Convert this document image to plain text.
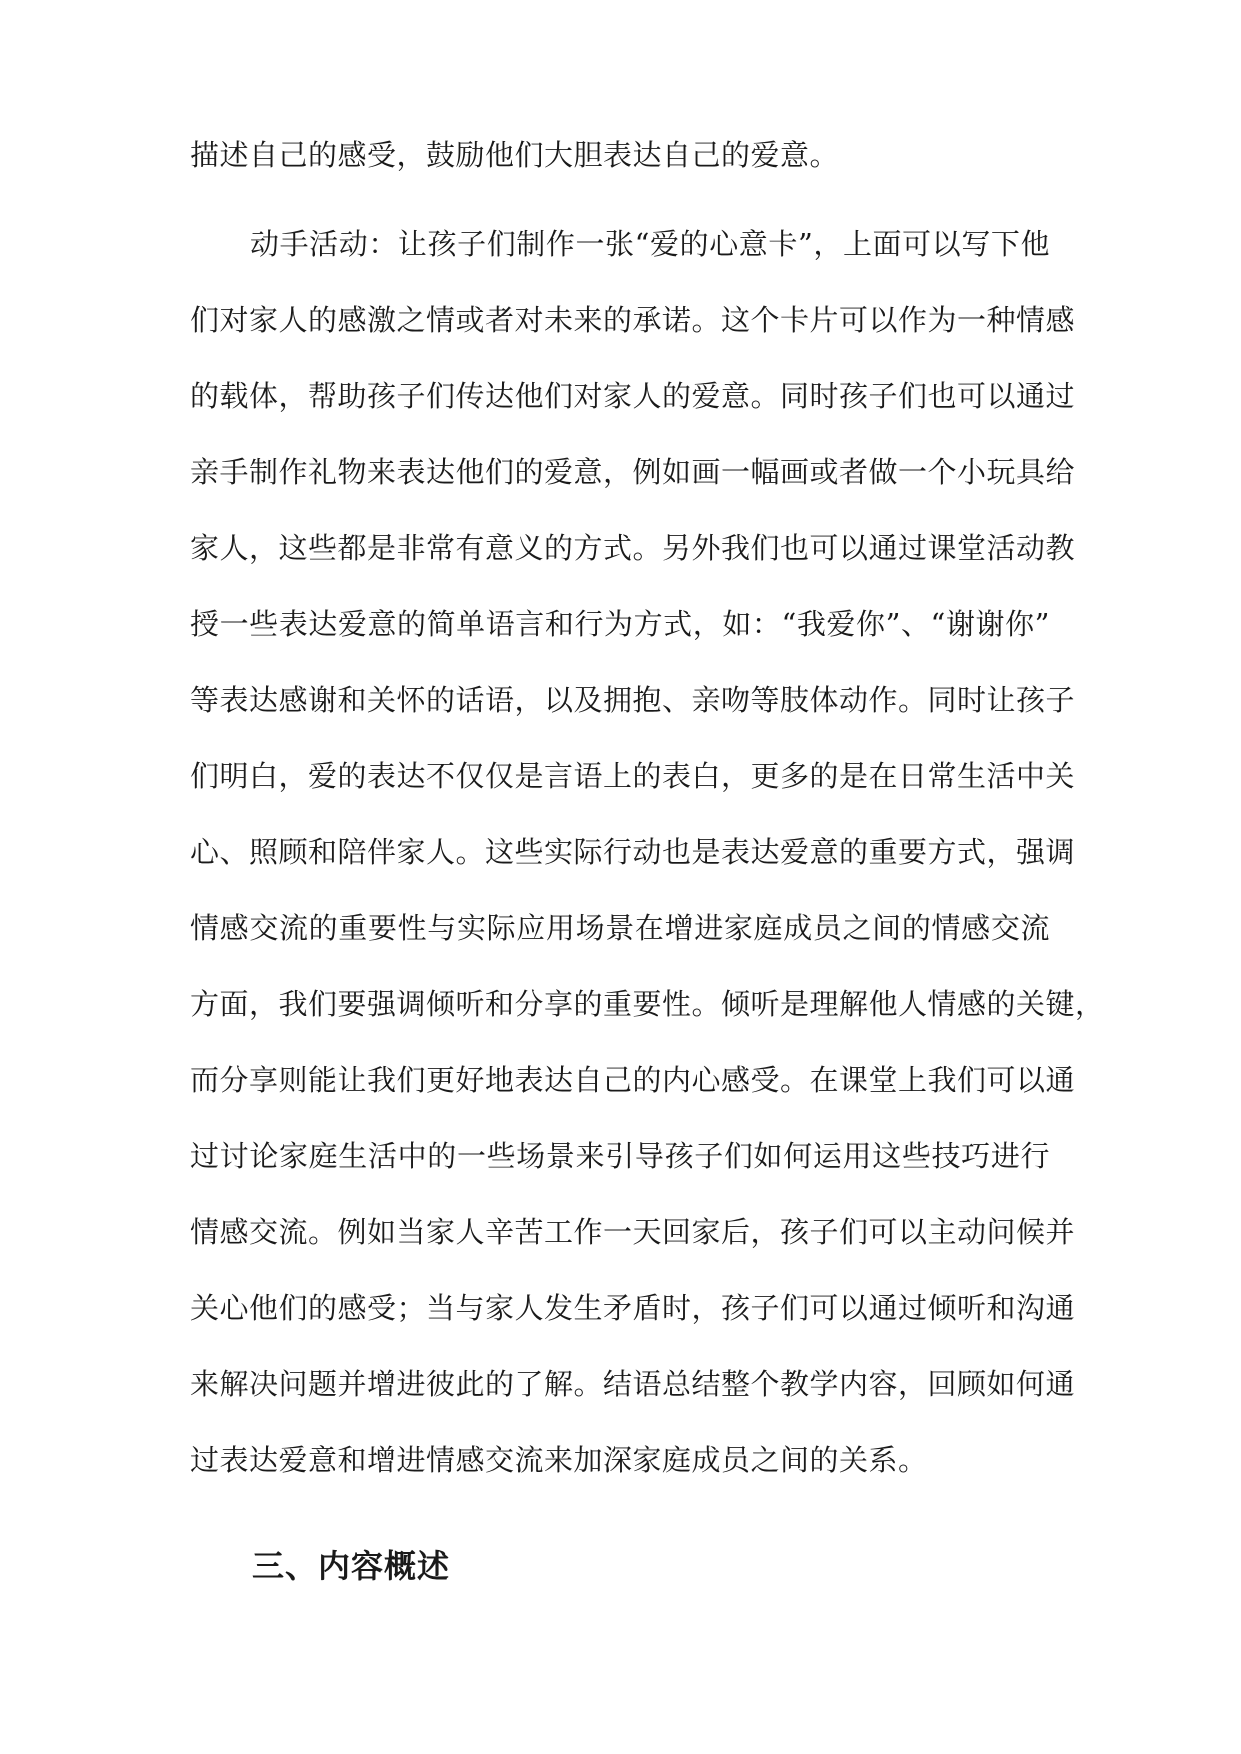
描述自己的感受，鼓励他们大胆表达自己的爱意。
动手活动：让孩子们制作一张“爱的心意卡”，上面可以写下他
们对家人的感激之情或者对未来的承诺。这个卡片可以作为一种情感
的载体，帮助孩子们传达他们对家人的爱意。同时孩子们也可以通过
亲手制作礼物来表达他们的爱意，例如画一幅画或者做一个小玩具给
家人，这些都是非常有意义的方式。另外我们也可以通过课堂活动教
授一些表达爱意的简单语言和行为方式，如：“我爱你”、“谢谢你”
等表达感谢和关怀的话语，以及拥抱、亲吻等肢体动作。同时让孩子
们明白，爱的表达不仅仅是言语上的表白，更多的是在日常生活中关
心、照顾和陪伴家人。这些实际行动也是表达爱意的重要方式，强调
情感交流的重要性与实际应用场景在增进家庭成员之间的情感交流
方面，我们要强调倾听和分享的重要性。倾听是理解他人情感的关键，
而分享则能让我们更好地表达自己的内心感受。在课堂上我们可以通
过讨论家庭生活中的一些场景来引导孩子们如何运用这些技巧进行
情感交流。例如当家人辛苦工作一天回家后，孩子们可以主动问候并
关心他们的感受；当与家人发生矛盾时，孩子们可以通过倾听和沟通
来解决问题并增进彼此的了解。结语总结整个教学内容，回顾如何通
过表达爱意和增进情感交流来加深家庭成员之间的关系。
三、内容概述
